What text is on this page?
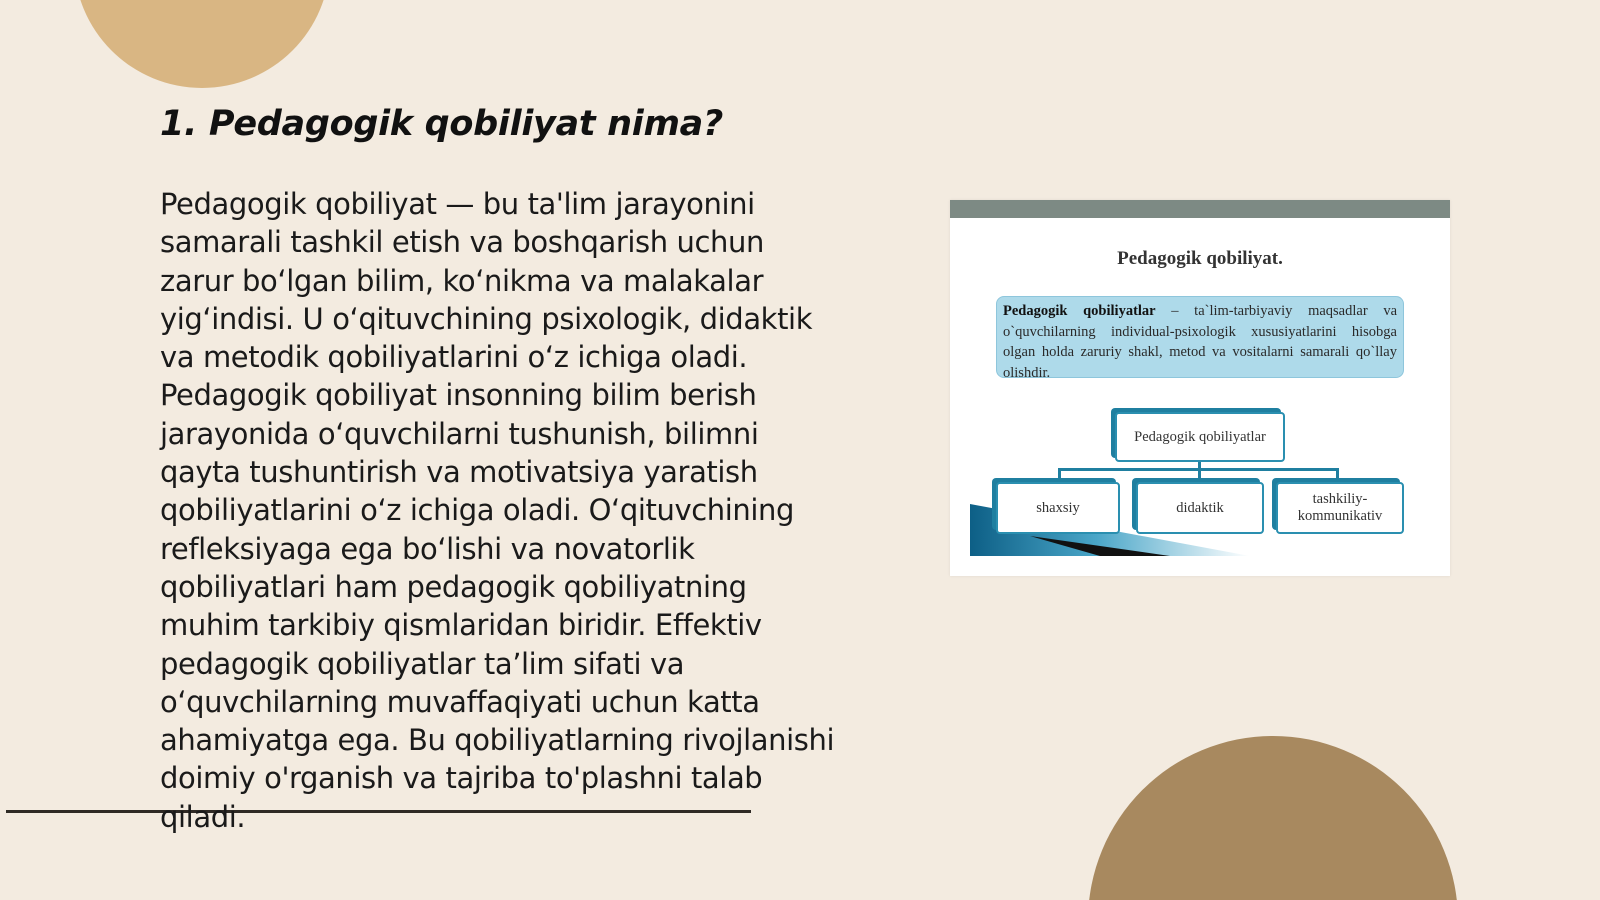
1. Pedagogik qobiliyat nima?

Pedagogik qobiliyat — bu ta'lim jarayonini samarali tashkil etish va boshqarish uchun zarur boʻlgan bilim, koʻnikma va malakalar yigʻindisi. U oʻqituvchining psixologik, didaktik va metodik qobiliyatlarini oʻz ichiga oladi. Pedagogik qobiliyat insonning bilim berish jarayonida oʻquvchilarni tushunish, bilimni qayta tushuntirish va motivatsiya yaratish qobiliyatlarini oʻz ichiga oladi. Oʻqituvchining refleksiyaga ega boʻlishi va novatorlik qobiliyatlari ham pedagogik qobiliyatning muhim tarkibiy qismlaridan biridir. Effektiv pedagogik qobiliyatlar taʼlim sifati va oʻquvchilarning muvaffaqiyati uchun katta ahamiyatga ega. Bu qobiliyatlarning rivojlanishi doimiy o'rganish va tajriba to'plashni talab qiladi.

Pedagogik qobiliyat.
Pedagogik qobiliyatlar – ta`lim-tarbiyaviy maqsadlar va o`quvchilarning individual-psixologik xususiyatlarini hisobga olgan holda zaruriy shakl, metod va vositalarni samarali qo`llay olishdir.
Pedagogik qobiliyatlar
shaxsiy	didaktik
tashkiliy-kommunikativ
